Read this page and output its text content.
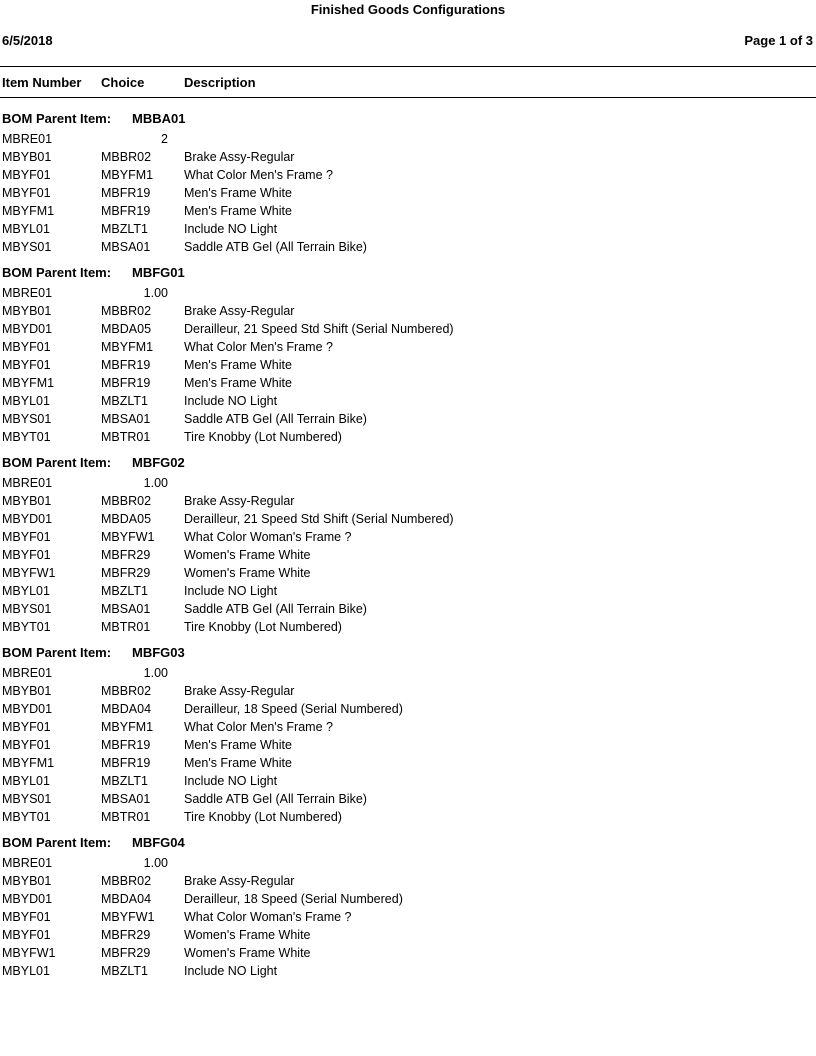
Finished Goods Configurations
6/5/2018	Page 1 of 3
Item Number Choice	Description
BOM Parent Item: MBBA01
MBRE01	2
MBYB01	MBBR02	Brake Assy-Regular
MBYF01	MBYFM1 What Color Men's Frame ?
MBYF01	MBFR19	Men's Frame White
MBYFM1	MBFR19	Men's Frame White
MBYL01	MBZLT1	Include NO Light
MBYS01	MBSA01	Saddle ATB Gel (All Terrain Bike)
BOM Parent Item: MBFG01
MBRE01	1.00
MBYB01	MBBR02	Brake Assy-Regular
MBYD01	MBDA05	Derailleur, 21 Speed Std Shift (Serial Numbered)
MBYF01	MBYFM1 What Color Men's Frame ?
MBYF01	MBFR19	Men's Frame White
MBYFM1	MBFR19	Men's Frame White
MBYL01	MBZLT1	Include NO Light
MBYS01	MBSA01	Saddle ATB Gel (All Terrain Bike)
MBYT01	MBTR01	Tire Knobby (Lot Numbered)
BOM Parent Item: MBFG02
MBRE01	1.00
MBYB01	MBBR02	Brake Assy-Regular
MBYD01	MBDA05	Derailleur, 21 Speed Std Shift (Serial Numbered)
MBYF01	MBYFW1 What Color Woman's Frame ?
MBYF01	MBFR29	Women's Frame White
MBYFW1	MBFR29	Women's Frame White
MBYL01	MBZLT1	Include NO Light
MBYS01	MBSA01	Saddle ATB Gel (All Terrain Bike)
MBYT01	MBTR01	Tire Knobby (Lot Numbered)
BOM Parent Item: MBFG03
MBRE01	1.00
MBYB01	MBBR02	Brake Assy-Regular
MBYD01	MBDA04	Derailleur, 18 Speed (Serial Numbered)
MBYF01	MBYFM1 What Color Men's Frame ?
MBYF01	MBFR19	Men's Frame White
MBYFM1	MBFR19	Men's Frame White
MBYL01	MBZLT1	Include NO Light
MBYS01	MBSA01	Saddle ATB Gel (All Terrain Bike)
MBYT01	MBTR01	Tire Knobby (Lot Numbered)
BOM Parent Item: MBFG04
MBRE01	1.00
MBYB01	MBBR02	Brake Assy-Regular
MBYD01	MBDA04	Derailleur, 18 Speed (Serial Numbered)
MBYF01	MBYFW1 What Color Woman's Frame ?
MBYF01	MBFR29	Women's Frame White
MBYFW1	MBFR29	Women's Frame White
MBYL01	MBZLT1	Include NO Light
